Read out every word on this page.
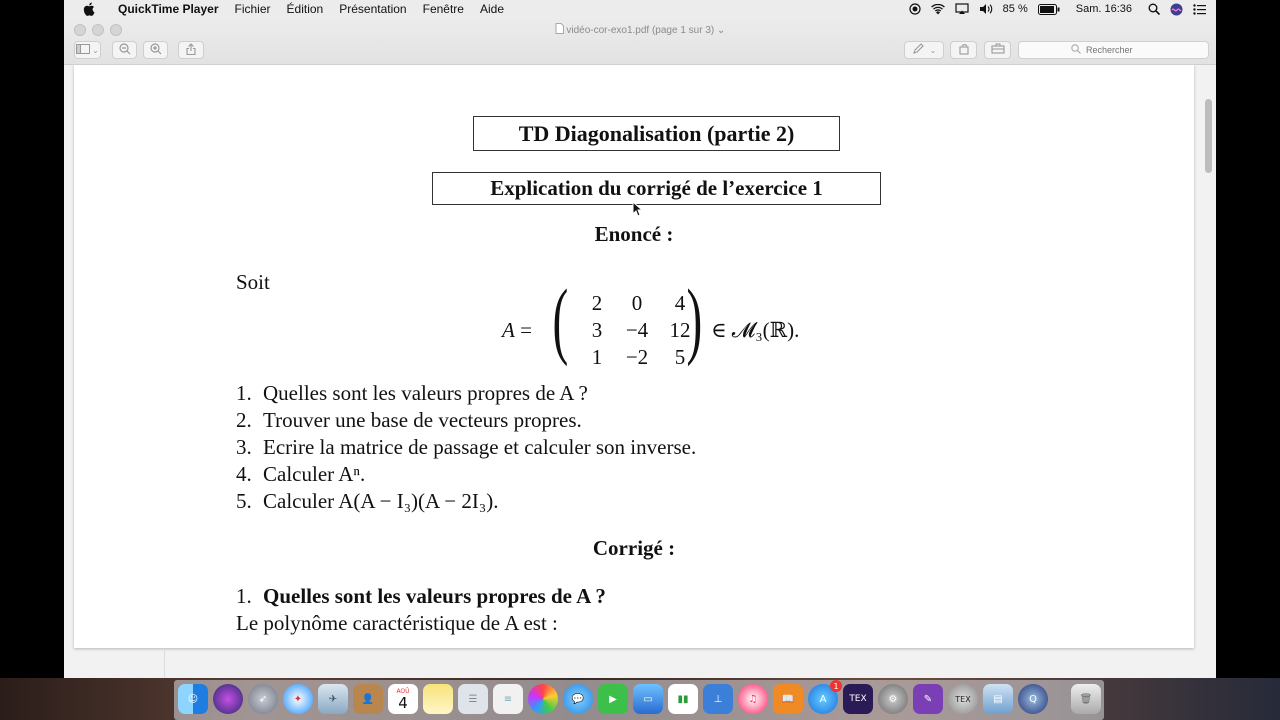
QuickTime Player	Fichier	Édition	Présentation	Fenêtre	Aide	85 %	Sam. 16:36
vidéo-cor-exo1.pdf (page 1 sur 3) ⌄
⌄	⌄
Rechercher
TD Diagonalisation (partie 2)
Explication du corrigé de l’exercice 1
Enoncé :
Soit
A = (	2	0	4
3	−4	12
1	−2	5 ) ∈ 𝓜₃(ℝ).
1. Quelles sont les valeurs propres de A ?
2. Trouver une base de vecteurs propres.
3. Ecrire la matrice de passage et calculer son inverse.
4. Calculer Aⁿ.
5. Calculer A(A − I₃)(A − 2I₃).
Corrigé :
1. Quelles sont les valeurs propres de A ?
Le polynôme caractéristique de A est :
☺	➶	✦	✈	👤
AOÛ
4	☰	≡	💬	▶	▭	▮▮	⊥	♫	📖	A
1
TEX	⚙	✎	TEX	▤	Q	🗑
